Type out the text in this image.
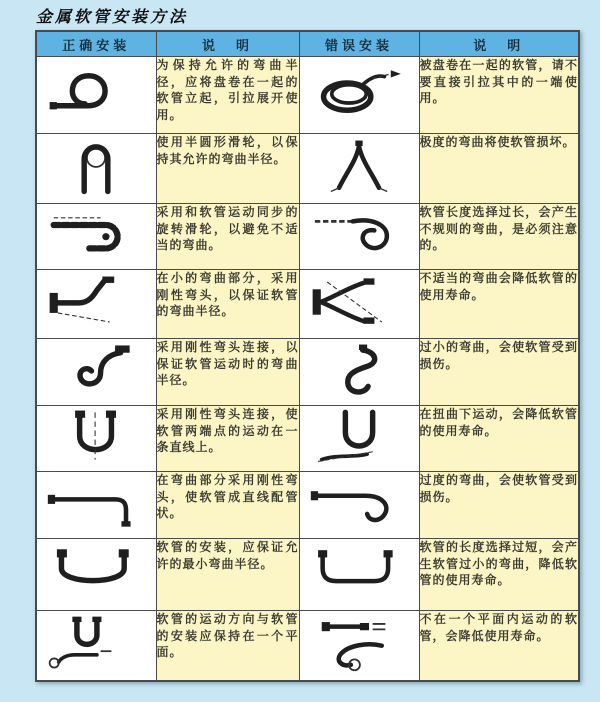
金属软管安装方法
正确安装	说　明	错误安装	说　明
	为保持允许的弯曲半径，应将盘卷在一起的软管立起，引拉展开使用。		被盘卷在一起的软管，请不要直接引拉其中的一端使用。
	使用半圆形滑轮，以保持其允许的弯曲半径。		极度的弯曲将使软管损坏。
	采用和软管运动同步的旋转滑轮，以避免不适当的弯曲。		软管长度选择过长，会产生不规则的弯曲，是必须注意的。
	在小的弯曲部分，采用刚性弯头，以保证软管的弯曲半径。		不适当的弯曲会降低软管的使用寿命。
	采用刚性弯头连接，以保证软管运动时的弯曲半径。		过小的弯曲，会使软管受到损伤。
	采用刚性弯头连接，使软管两端点的运动在一条直线上。		在扭曲下运动，会降低软管的使用寿命。
	在弯曲部分采用刚性弯头，使软管成直线配管状。		过度的弯曲，会使软管受到损伤。
	软管的安装，应保证允许的最小弯曲半径。		软管的长度选择过短，会产生软管过小的弯曲，降低软管的使用寿命。
	软管的运动方向与软管的安装应保持在一个平面。		不在一个平面内运动的软管，会降低使用寿命。
